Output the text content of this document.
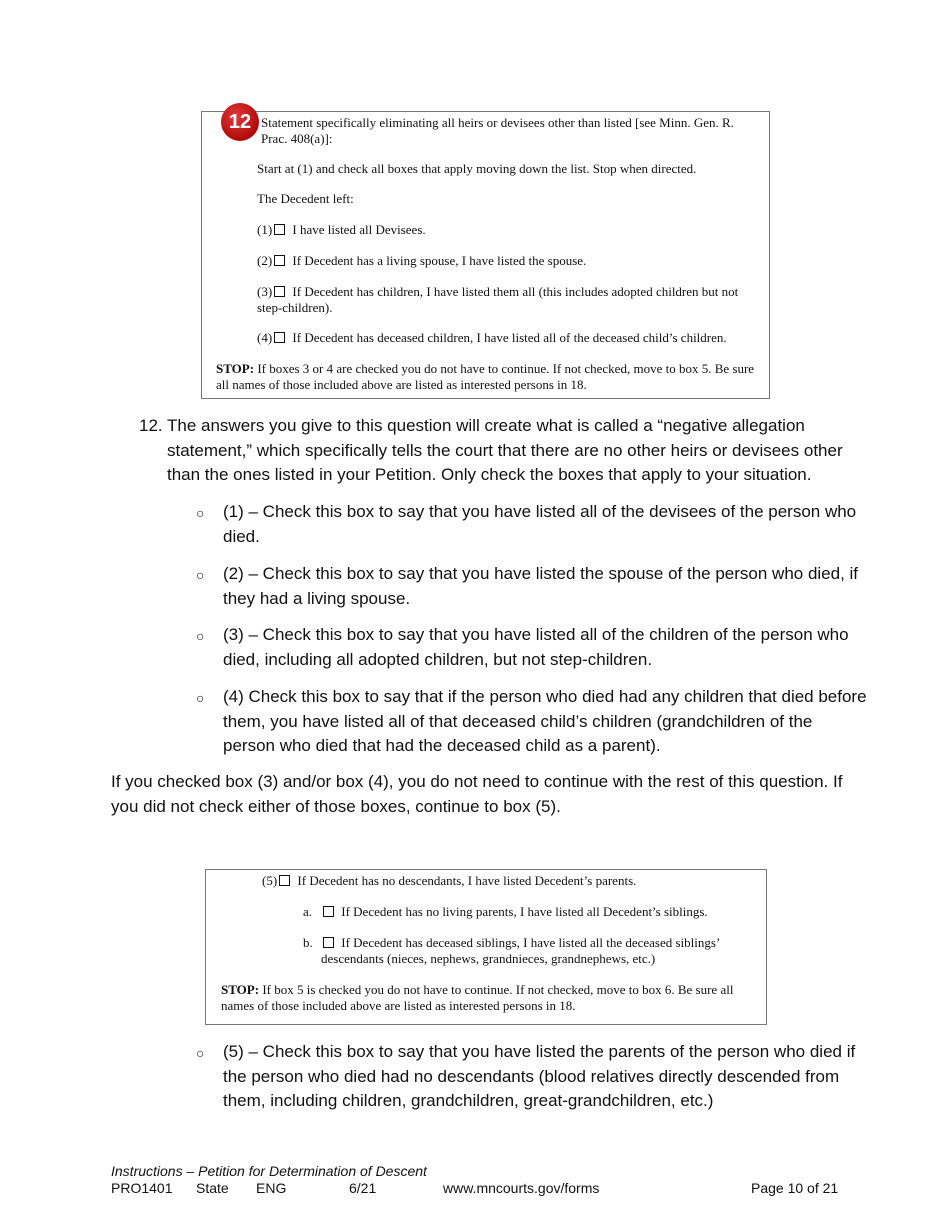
12 Statement specifically eliminating all heirs or devisees other than listed [see Minn. Gen. R. Prac. 408(a)]:
Start at (1) and check all boxes that apply moving down the list. Stop when directed.
The Decedent left:
(1) I have listed all Devisees.
(2) If Decedent has a living spouse, I have listed the spouse.
(3) If Decedent has children, I have listed them all (this includes adopted children but not step-children).
(4) If Decedent has deceased children, I have listed all of the deceased child’s children.
STOP: If boxes 3 or 4 are checked you do not have to continue. If not checked, move to box 5. Be sure all names of those included above are listed as interested persons in 18.
12. The answers you give to this question will create what is called a “negative allegation statement,” which specifically tells the court that there are no other heirs or devisees other than the ones listed in your Petition. Only check the boxes that apply to your situation.
○ (1) – Check this box to say that you have listed all of the devisees of the person who died.
○ (2) – Check this box to say that you have listed the spouse of the person who died, if they had a living spouse.
○ (3) – Check this box to say that you have listed all of the children of the person who died, including all adopted children, but not step-children.
○ (4) Check this box to say that if the person who died had any children that died before them, you have listed all of that deceased child’s children (grandchildren of the person who died that had the deceased child as a parent).
If you checked box (3) and/or box (4), you do not need to continue with the rest of this question. If you did not check either of those boxes, continue to box (5).
(5) If Decedent has no descendants, I have listed Decedent’s parents.
a.	If Decedent has no living parents, I have listed all Decedent’s siblings.
b.	If Decedent has deceased siblings, I have listed all the deceased siblings’ descendants (nieces, nephews, grandnieces, grandnephews, etc.)
STOP: If box 5 is checked you do not have to continue. If not checked, move to box 6. Be sure all names of those included above are listed as interested persons in 18.
○ (5) – Check this box to say that you have listed the parents of the person who died if the person who died had no descendants (blood relatives directly descended from them, including children, grandchildren, great-grandchildren, etc.)
Instructions – Petition for Determination of Descent
PRO1401 State ENG	6/21	www.mncourts.gov/forms	Page 10 of 21
